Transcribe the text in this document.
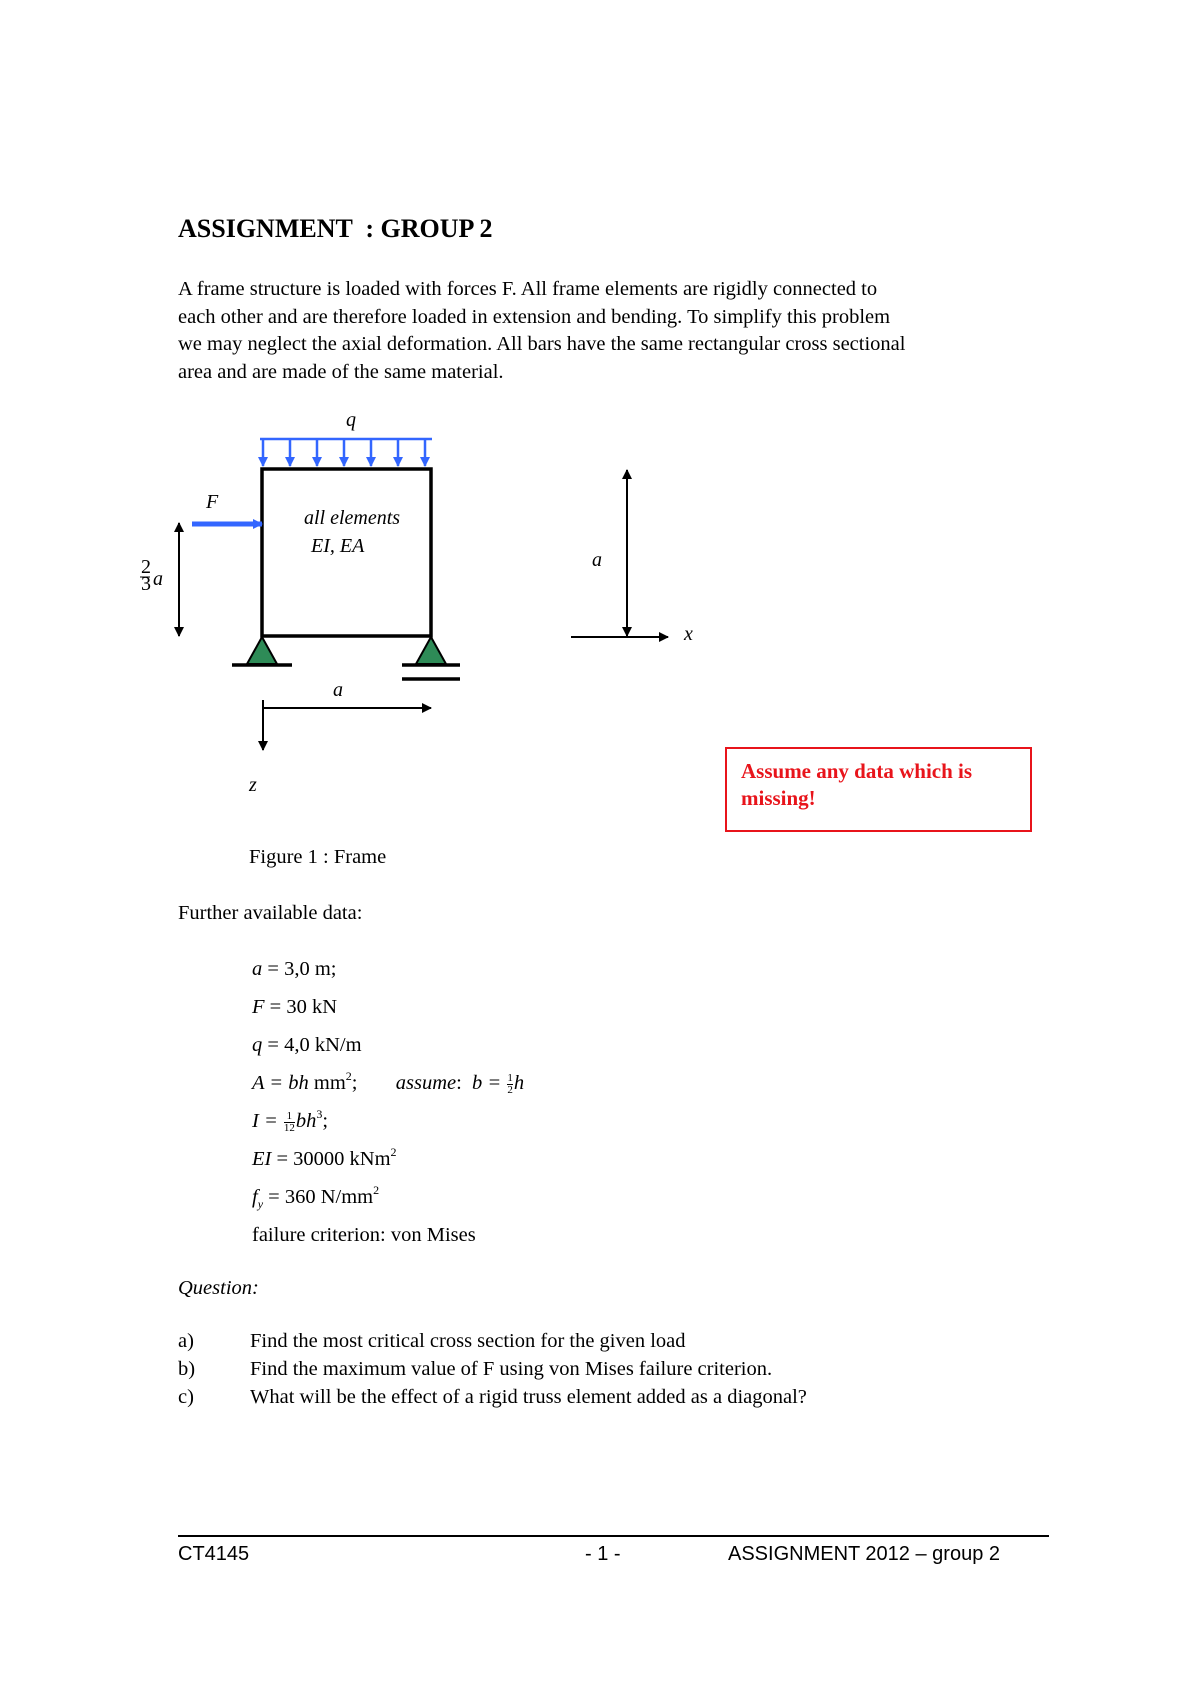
ASSIGNMENT  : GROUP 2

A frame structure is loaded with forces F. All frame elements are rigidly connected to
each other and are therefore loaded in extension and bending. To simplify this problem
we may neglect the axial deformation. All bars have the same rectangular cross sectional
area and are made of the same material.

q
F
all elements
EI, EA
2
3 a
a
z
a
x
Assume any data which is
missing!
Figure 1 : Frame
Further available data:
a = 3,0 m;
F = 30 kN
q = 4,0 kN/m
A = bh $mm^2$; assume:  $b = \frac{1}{2}$ h
$I = \frac{1}{12} bh^3$;
EI = 30000 kNm$^2$
$f_y = 360$ $N/mm^2$
failure criterion: von Mises
Question:
a)	Find the most critical cross section for the given load
b)	Find the maximum value of F using von Mises failure criterion.
c)	What will be the effect of a rigid truss element added as a diagonal?
CT4145	- 1 -	ASSIGNMENT 2012 – group 2
